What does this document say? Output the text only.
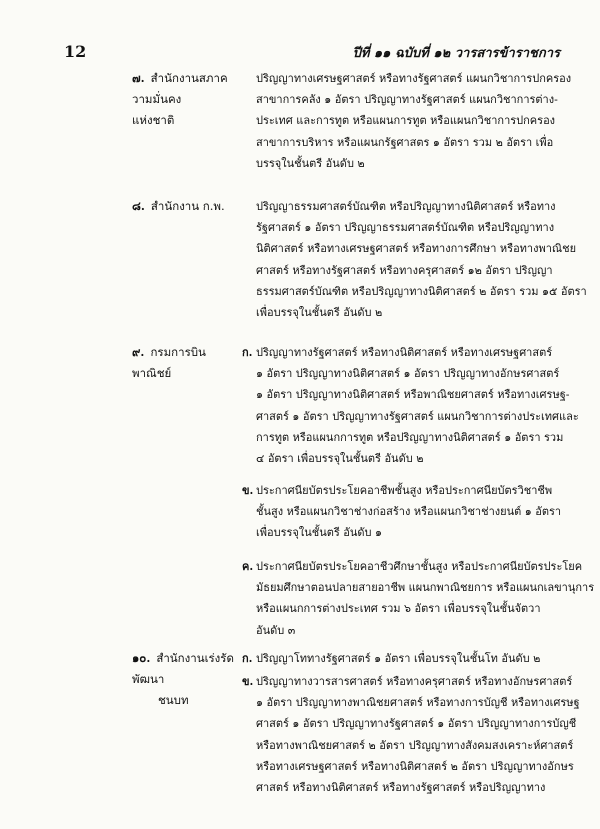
12	ปีที่ ๑๑ ฉบับที่ ๑๒ วารสารข้าราชการ
๗. สำนักงานสภาความมั่นคง
แห่งชาติ
ปริญญาทางเศรษฐศาสตร์ หรือทางรัฐศาสตร์ แผนกวิชาการปกครอง
สาขาการคลัง ๑ อัตรา ปริญญาทางรัฐศาสตร์ แผนกวิชาการต่าง-
ประเทศ และการทูต หรือแผนการทูต หรือแผนกวิชาการปกครอง
สาขาการบริหาร หรือแผนกรัฐศาสตร ๑ อัตรา รวม ๒ อัตรา เพื่อ
บรรจุในชั้นตรี อันดับ ๒
๘. สำนักงาน ก.พ.	ปริญญาธรรมศาสตร์บัณฑิต หรือปริญญาทางนิติศาสตร์ หรือทาง
รัฐศาสตร์ ๑ อัตรา ปริญญาธรรมศาสตร์บัณฑิต หรือปริญญาทาง
นิติศาสตร์ หรือทางเศรษฐศาสตร์ หรือทางการศึกษา หรือทางพาณิชย
ศาสตร์ หรือทางรัฐศาสตร์ หรือทางครุศาสตร์ ๑๒ อัตรา ปริญญา
ธรรมศาสตร์บัณฑิต หรือปริญญาทางนิติศาสตร์ ๒ อัตรา รวม ๑๕ อัตรา
เพื่อบรรจุในชั้นตรี อันดับ ๒
๙. กรมการบินพาณิชย์
ก. ปริญญาทางรัฐศาสตร์ หรือทางนิติศาสตร์ หรือทางเศรษฐศาสตร์
๑ อัตรา ปริญญาทางนิติศาสตร์ ๑ อัตรา ปริญญาทางอักษรศาสตร์
๑ อัตรา ปริญญาทางนิติศาสตร์ หรือพาณิชยศาสตร์ หรือทางเศรษฐ-
ศาสตร์ ๑ อัตรา ปริญญาทางรัฐศาสตร์ แผนกวิชาการต่างประเทศและ
การทูต หรือแผนกการทูต หรือปริญญาทางนิติศาสตร์ ๑ อัตรา รวม
๔ อัตรา เพื่อบรรจุในชั้นตรี อันดับ ๒
ข. ประกาศนียบัตรประโยคอาชีพชั้นสูง หรือประกาศนียบัตรวิชาชีพ
ชั้นสูง หรือแผนกวิชาช่างก่อสร้าง หรือแผนกวิชาช่างยนต์ ๑ อัตรา
เพื่อบรรจุในชั้นตรี อันดับ ๑
ค. ประกาศนียบัตรประโยคอาชีวศึกษาชั้นสูง หรือประกาศนียบัตรประโยค
มัธยมศึกษาตอนปลายสายอาชีพ แผนกพาณิชยการ หรือแผนกเลขานุการ
หรือแผนกการต่างประเทศ รวม ๖ อัตรา เพื่อบรรจุในชั้นจัตวา
อันดับ ๓
๑๐. สำนักงานเร่งรัดพัฒนา
ชนบท
ก. ปริญญาโททางรัฐศาสตร์ ๑ อัตรา เพื่อบรรจุในชั้นโท อันดับ ๒
ข. ปริญญาทางวารสารศาสตร์ หรือทางครุศาสตร์ หรือทางอักษรศาสตร์
๑ อัตรา ปริญญาทางพาณิชยศาสตร์ หรือทางการบัญชี หรือทางเศรษฐ
ศาสตร์ ๑ อัตรา ปริญญาทางรัฐศาสตร์ ๑ อัตรา ปริญญาทางการบัญชี
หรือทางพาณิชยศาสตร์ ๒ อัตรา ปริญญาทางสังคมสงเคราะห์ศาสตร์
หรือทางเศรษฐศาสตร์ หรือทางนิติศาสตร์ ๒ อัตรา ปริญญาทางอักษร
ศาสตร์ หรือทางนิติศาสตร์ หรือทางรัฐศาสตร์ หรือปริญญาทาง
